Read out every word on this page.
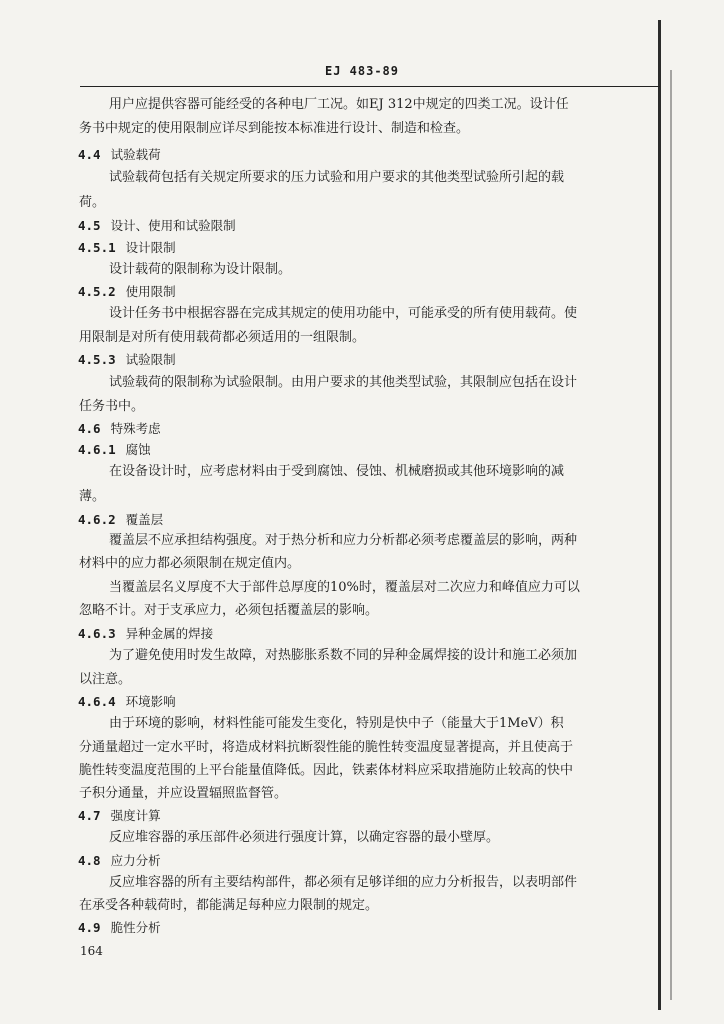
EJ 483-89
用户应提供容器可能经受的各种电厂工况。如EJ 312中规定的四类工况。设计任
务书中规定的使用限制应详尽到能按本标准进行设计、制造和检查。
4.4 试验载荷
试验载荷包括有关规定所要求的压力试验和用户要求的其他类型试验所引起的载
荷。
4.5 设计、使用和试验限制
4.5.1 设计限制
设计载荷的限制称为设计限制。
4.5.2 使用限制
设计任务书中根据容器在完成其规定的使用功能中，可能承受的所有使用载荷。使
用限制是对所有使用载荷都必须适用的一组限制。
4.5.3 试验限制
试验载荷的限制称为试验限制。由用户要求的其他类型试验，其限制应包括在设计
任务书中。
4.6 特殊考虑
4.6.1 腐蚀
在设备设计时，应考虑材料由于受到腐蚀、侵蚀、机械磨损或其他环境影响的减
薄。
4.6.2 覆盖层
覆盖层不应承担结构强度。对于热分析和应力分析都必须考虑覆盖层的影响，两种
材料中的应力都必须限制在规定值内。
当覆盖层名义厚度不大于部件总厚度的10%时，覆盖层对二次应力和峰值应力可以
忽略不计。对于支承应力，必须包括覆盖层的影响。
4.6.3 异种金属的焊接
为了避免使用时发生故障，对热膨胀系数不同的异种金属焊接的设计和施工必须加
以注意。
4.6.4 环境影响
由于环境的影响，材料性能可能发生变化，特别是快中子（能量大于1MeV）积
分通量超过一定水平时，将造成材料抗断裂性能的脆性转变温度显著提高，并且使高于
脆性转变温度范围的上平台能量值降低。因此，铁素体材料应采取措施防止较高的快中
子积分通量，并应设置辐照监督管。
4.7 强度计算
反应堆容器的承压部件必须进行强度计算，以确定容器的最小壁厚。
4.8 应力分析
反应堆容器的所有主要结构部件，都必须有足够详细的应力分析报告，以表明部件
在承受各种载荷时，都能满足每种应力限制的规定。
4.9 脆性分析
164
